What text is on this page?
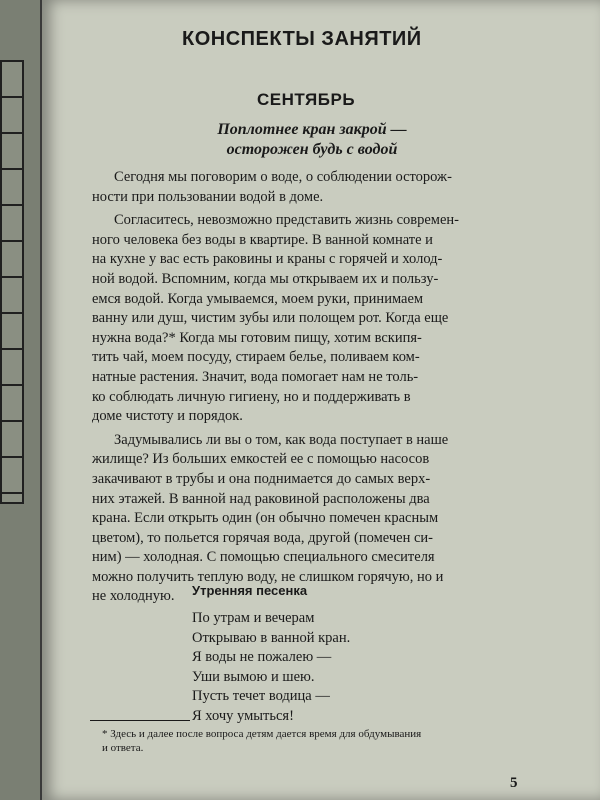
КОНСПЕКТЫ ЗАНЯТИЙ
СЕНТЯБРЬ
Поплотнее кран закрой —
осторожен будь с водой
Сегодня мы поговорим о воде, о соблюдении осторож-
ности при пользовании водой в доме.
Согласитесь, невозможно представить жизнь современ-
ного человека без воды в квартире. В ванной комнате и
на кухне у вас есть раковины и краны с горячей и холод-
ной водой. Вспомним, когда мы открываем их и пользу-
емся водой. Когда умываемся, моем руки, принимаем
ванну или душ, чистим зубы или полощем рот. Когда еще
нужна вода?* Когда мы готовим пищу, хотим вскипя-
тить чай, моем посуду, стираем белье, поливаем ком-
натные растения. Значит, вода помогает нам не толь-
ко соблюдать личную гигиену, но и поддерживать в
доме чистоту и порядок.
Задумывались ли вы о том, как вода поступает в наше
жилище? Из больших емкостей ее с помощью насосов
закачивают в трубы и она поднимается до самых верх-
них этажей. В ванной над раковиной расположены два
крана. Если открыть один (он обычно помечен красным
цветом), то польется горячая вода, другой (помечен си-
ним) — холодная. С помощью специального смесителя
можно получить теплую воду, не слишком горячую, но и
не холодную.	Утренняя песенка
По утрам и вечерам
Открываю в ванной кран.
Я воды не пожалею —
Уши вымою и шею.
Пусть течет водица —
Я хочу умыться!
* Здесь и далее после вопроса детям дается время для обдумывания
и ответа.
5
